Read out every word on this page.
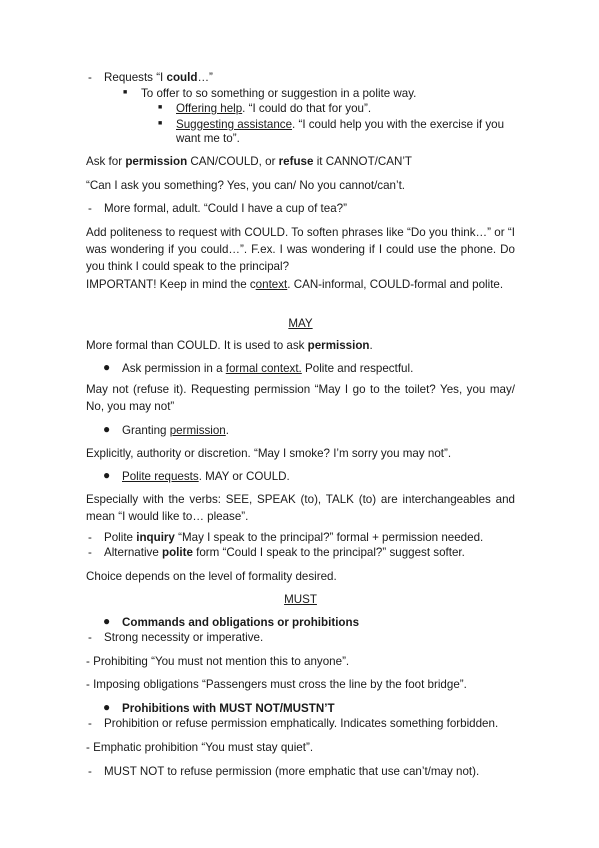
- Requests “I could…”
■ To offer to so something or suggestion in a polite way.
■ Offering help. “I could do that for you”.
■ Suggesting assistance. “I could help you with the exercise if you
want me to”.
Ask for permission CAN/COULD, or refuse it CANNOT/CAN’T
“Can I ask you something? Yes, you can/ No you cannot/can’t.
- More formal, adult. “Could I have a cup of tea?”
Add politeness to request with COULD. To soften phrases like “Do you think…” or “I was wondering if you could…”. F.ex. I was wondering if I could use the phone. Do you think I could speak to the principal?
IMPORTANT! Keep in mind the context. CAN-informal, COULD-formal and polite.
MAY
More formal than COULD. It is used to ask permission.
● Ask permission in a formal context. Polite and respectful.
May not (refuse it). Requesting permission “May I go to the toilet? Yes, you may/ No, you may not”
● Granting permission.
Explicitly, authority or discretion. “May I smoke? I’m sorry you may not”.
● Polite requests. MAY or COULD.
Especially with the verbs: SEE, SPEAK (to), TALK (to) are interchangeables and mean “I would like to… please”.
- Polite inquiry “May I speak to the principal?” formal + permission needed.
- Alternative polite form “Could I speak to the principal?” suggest softer.
Choice depends on the level of formality desired.
MUST
● Commands and obligations or prohibitions
- Strong necessity or imperative.
- Prohibiting “You must not mention this to anyone”.
- Imposing obligations “Passengers must cross the line by the foot bridge”.
● Prohibitions with MUST NOT/MUSTN’T
- Prohibition or refuse permission emphatically. Indicates something forbidden.
- Emphatic prohibition “You must stay quiet”.
- MUST NOT to refuse permission (more emphatic that use can’t/may not).
